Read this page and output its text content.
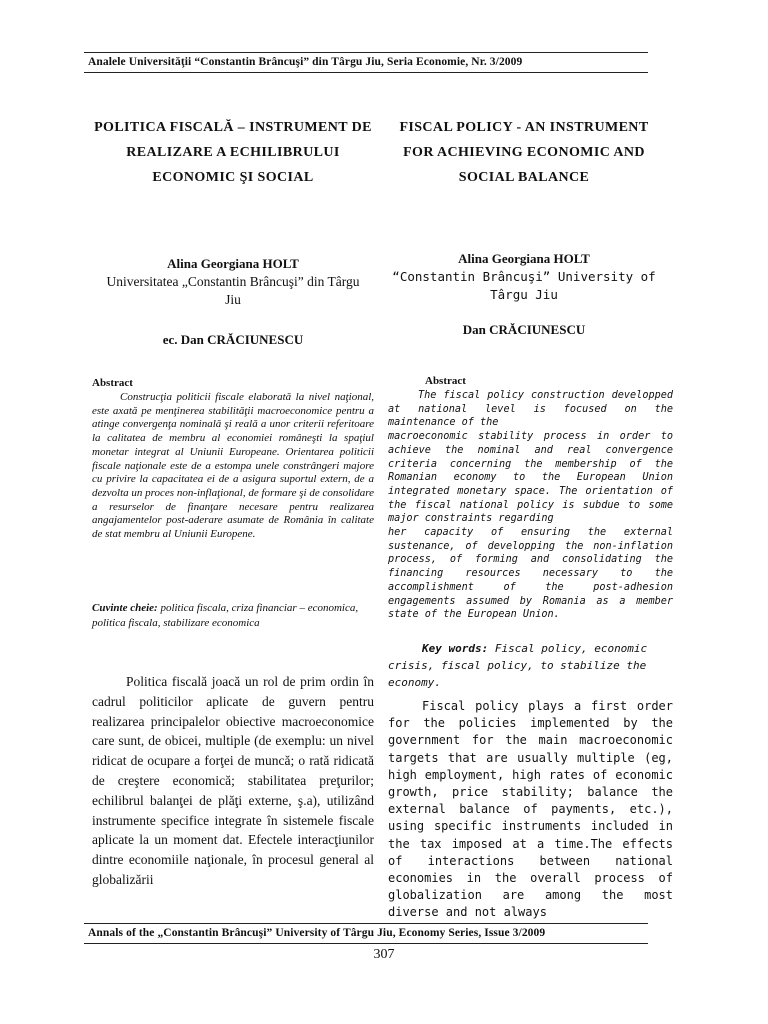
Analele Universităţii “Constantin Brâncuşi” din Târgu Jiu, Seria Economie, Nr. 3/2009
POLITICA FISCALĂ – INSTRUMENT DE REALIZARE A ECHILIBRULUI ECONOMIC ŞI SOCIAL
Alina Georgiana HOLT
Universitatea „Constantin Brâncuşi” din Târgu Jiu
ec. Dan CRĂCIUNESCU
Abstract

Construcţia politicii fiscale elaborată la nivel naţional, este axată pe menţinerea stabilităţii macroeconomice pentru a atinge convergenţa nominală şi reală a unor criterii referitoare la calitatea de membru al economiei româneşti la spaţiul monetar integrat al Uniunii Europeane. Orientarea politicii fiscale naţionale este de a estompa unele constrângeri majore cu privire la capacitatea ei de a asigura suportul extern, de a dezvolta un proces non-inflaţional, de formare şi de consolidare a resurselor de finanţare necesare pentru realizarea angajamentelor post-aderare asumate de România în calitate de stat membru al Uniunii Europene.

Cuvinte cheie: politica fiscala, criza financiar – economica, politica fiscala, stabilizare economica

Politica fiscală joacă un rol de prim ordin în cadrul politicilor aplicate de guvern pentru realizarea principalelor obiective macroeconomice care sunt, de obicei, multiple (de exemplu: un nivel ridicat de ocupare a forţei de muncă; o rată ridicată de creştere economică; stabilitatea preţurilor; echilibrul balanţei de plăţi externe, ş.a), utilizând instrumente specifice integrate în sistemele fiscale aplicate la un moment dat. Efectele interacţiunilor dintre economiile naţionale, în procesul general al globalizării

FISCAL POLICY - AN INSTRUMENT FOR ACHIEVING ECONOMIC AND SOCIAL BALANCE
Alina Georgiana HOLT
“Constantin Brâncuşi” University of Târgu Jiu
Dan CRĂCIUNESCU
Abstract

The fiscal policy construction developped at national level is focused on the maintenance of the

macroeconomic stability process in order to achieve the nominal and real convergence criteria concerning the membership of the Romanian economy to the European Union integrated monetary space. The orientation of the fiscal national policy is subdue to some major constraints regarding

her capacity of ensuring the external sustenance, of developping the non-inflation process, of forming and consolidating the financing resources necessary to the accomplishment of the post-adhesion engagements assumed by Romania as a member state of the European Union.

Key words: Fiscal policy, economic crisis, fiscal policy, to stabilize the economy.

Fiscal policy plays a first order for the policies implemented by the government for the main macroeconomic targets that are usually multiple (eg, high employment, high rates of economic growth, price stability; balance the external balance of payments, etc.), using specific instruments included in the tax imposed at a time.The effects of interactions between national economies in the overall process of globalization are among the most diverse and not always

Annals of the „Constantin Brâncuşi” University of Târgu Jiu, Economy Series, Issue 3/2009
307
